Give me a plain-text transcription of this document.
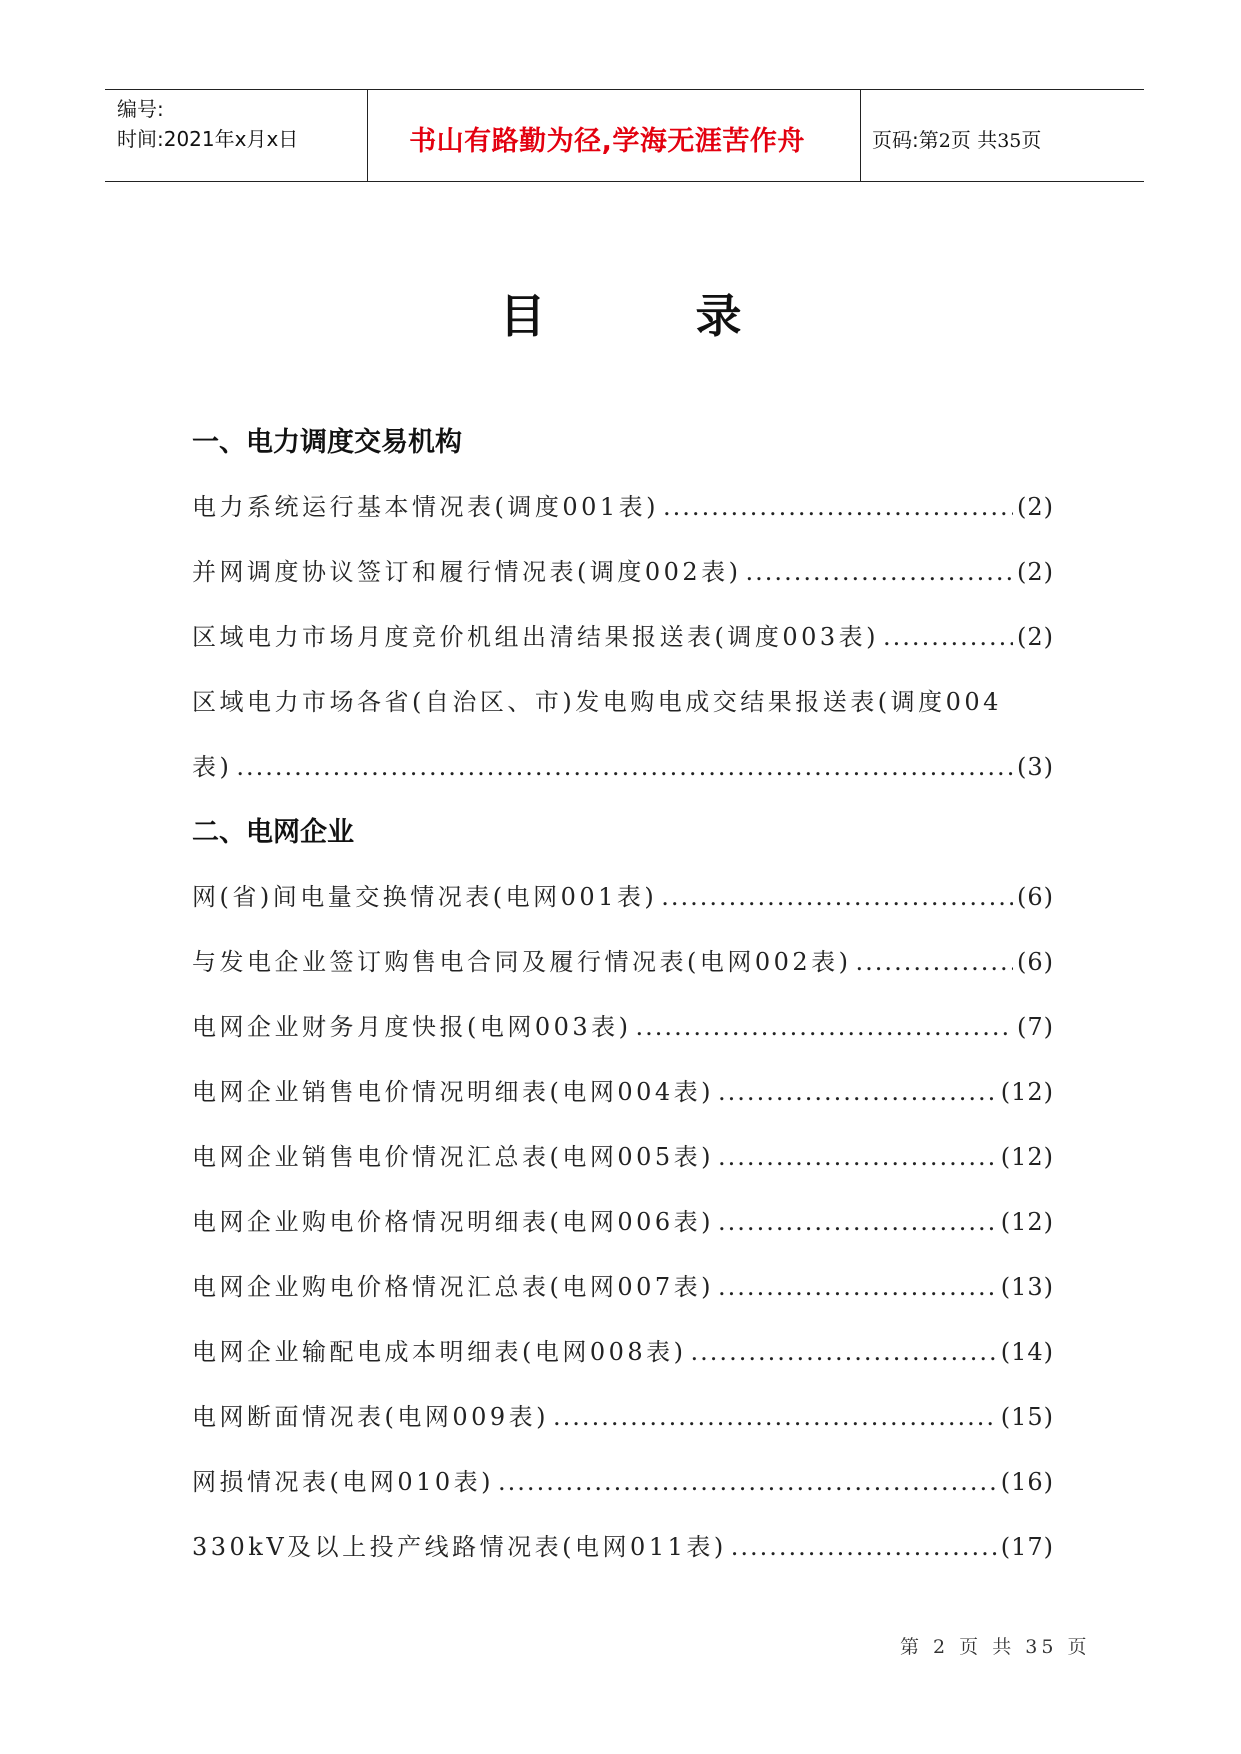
编号:
时间:2021年x月x日	书山有路勤为径,学海无涯苦作舟	页码:第2页 共35页
目录
一、电力调度交易机构
电力系统运行基本情况表(调度001表) .....	(2)
并网调度协议签订和履行情况表(调度002表) .....	(2)
区域电力市场月度竞价机组出清结果报送表(调度003表) .....	(2)
区域电力市场各省(自治区、市)发电购电成交结果报送表(调度004
表) .....	(3)
二、电网企业
网(省)间电量交换情况表(电网001表) .....	(6)
与发电企业签订购售电合同及履行情况表(电网002表) .....	(6)
电网企业财务月度快报(电网003表) .....	(7)
电网企业销售电价情况明细表(电网004表) .....	(12)
电网企业销售电价情况汇总表(电网005表) .....	(12)
电网企业购电价格情况明细表(电网006表) .....	(12)
电网企业购电价格情况汇总表(电网007表) .....	(13)
电网企业输配电成本明细表(电网008表) .....	(14)
电网断面情况表(电网009表) .....	(15)
网损情况表(电网010表) .....	(16)
330kV及以上投产线路情况表(电网011表) .....	(17)
第 2 页 共 35 页
